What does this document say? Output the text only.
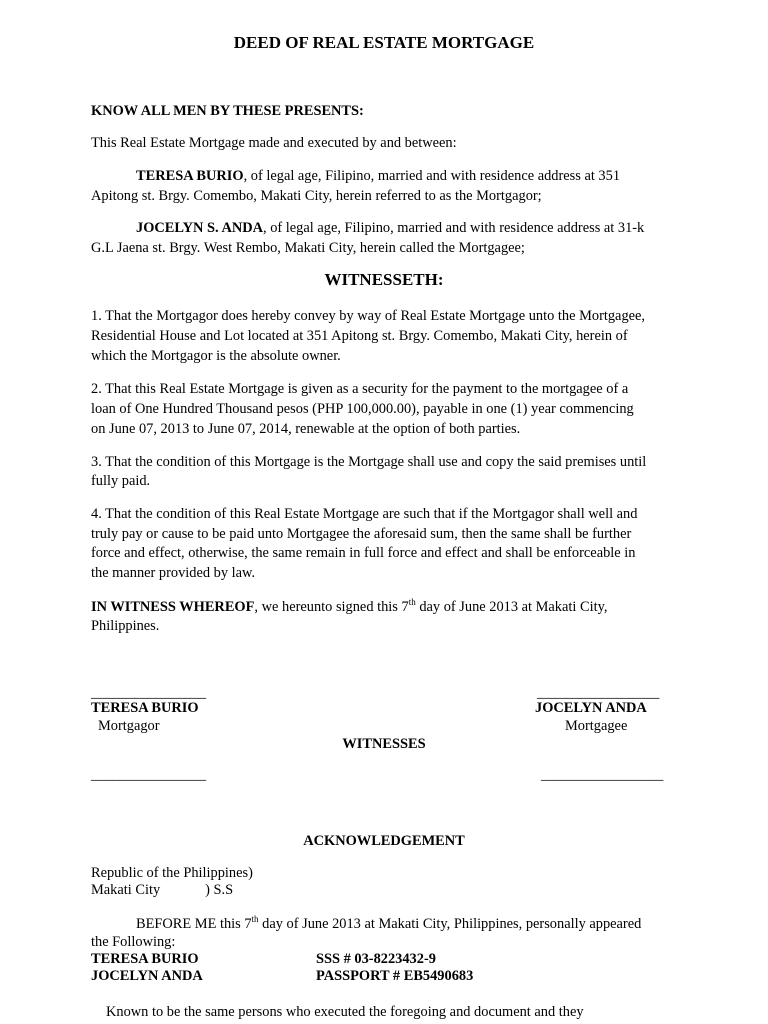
DEED OF REAL ESTATE MORTGAGE
KNOW ALL MEN BY THESE PRESENTS:
This Real Estate Mortgage made and executed by and between:
TERESA BURIO, of legal age, Filipino, married and with residence address at 351
Apitong st. Brgy. Comembo, Makati City, herein referred to as the Mortgagor;
JOCELYN S. ANDA, of legal age, Filipino, married and with residence address at 31-k
G.L Jaena st. Brgy. West Rembo, Makati City, herein called the Mortgagee;
WITNESSETH:
1. That the Mortgagor does hereby convey by way of Real Estate Mortgage unto the Mortgagee,
Residential House and Lot located at 351 Apitong st. Brgy. Comembo, Makati City, herein of
which the Mortgagor is the absolute owner.
2. That this Real Estate Mortgage is given as a security for the payment to the mortgagee of a
loan of One Hundred Thousand pesos (PHP 100,000.00), payable in one (1) year commencing
on June 07, 2013 to June 07, 2014, renewable at the option of both parties.
3. That the condition of this Mortgage is the Mortgage shall use and copy the said premises until
fully paid.
4. That the condition of this Real Estate Mortgage are such that if the Mortgagor shall well and
truly pay or cause to be paid unto Mortgagee the aforesaid sum, then the same shall be further
force and effect, otherwise, the same remain in full force and effect and shall be enforceable in
the manner provided by law.
IN WITNESS WHEREOF, we hereunto signed this 7th day of June 2013 at Makati City,
Philippines.
________________
TERESA BURIO
Mortgagor
_________________
JOCELYN ANDA
Mortgagee
WITNESSES
________________	_________________
ACKNOWLEDGEMENT
Republic of the Philippines)
Makati City	) S.S
BEFORE ME this 7th day of June 2013 at Makati City, Philippines, personally appeared
the Following:
TERESA BURIO	SSS # 03-8223432-9
JOCELYN ANDA	PASSPORT # EB5490683
Known to be the same persons who executed the foregoing and document and they
